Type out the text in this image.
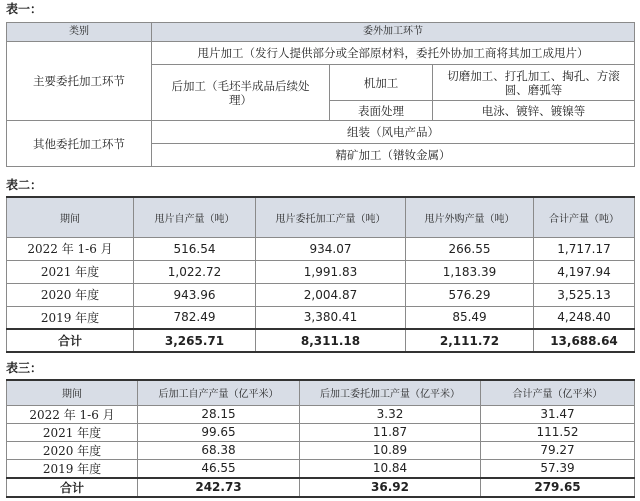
表一：
类别	委外加工环节		
主要委托加工环节	甩片加工（发行人提供部分或全部原材料，委托外协加工商将其加工成甩片）		
	后加工（毛坯半成品后续处理）	机加工	切磨加工、打孔加工、掏孔、方滚圆、磨弧等
		表面处理	电泳、镀锌、镀镍等
其他委托加工环节	组装（风电产品）		
	精矿加工（镨钕金属）		
表二：
期间	甩片自产量（吨）	甩片委托加工产量（吨）	甩片外购产量（吨）	合计产量（吨）
2022 年 1-6 月	516.54	934.07	266.55	1,717.17
2021 年度	1,022.72	1,991.83	1,183.39	4,197.94
2020 年度	943.96	2,004.87	576.29	3,525.13
2019 年度	782.49	3,380.41	85.49	4,248.40
合计	3,265.71	8,311.18	2,111.72	13,688.64
表三：
期间	后加工自产产量（亿平米）	后加工委托加工产量（亿平米）	合计产量（亿平米）
2022 年 1-6 月	28.15	3.32	31.47
2021 年度	99.65	11.87	111.52
2020 年度	68.38	10.89	79.27
2019 年度	46.55	10.84	57.39
合计	242.73	36.92	279.65
